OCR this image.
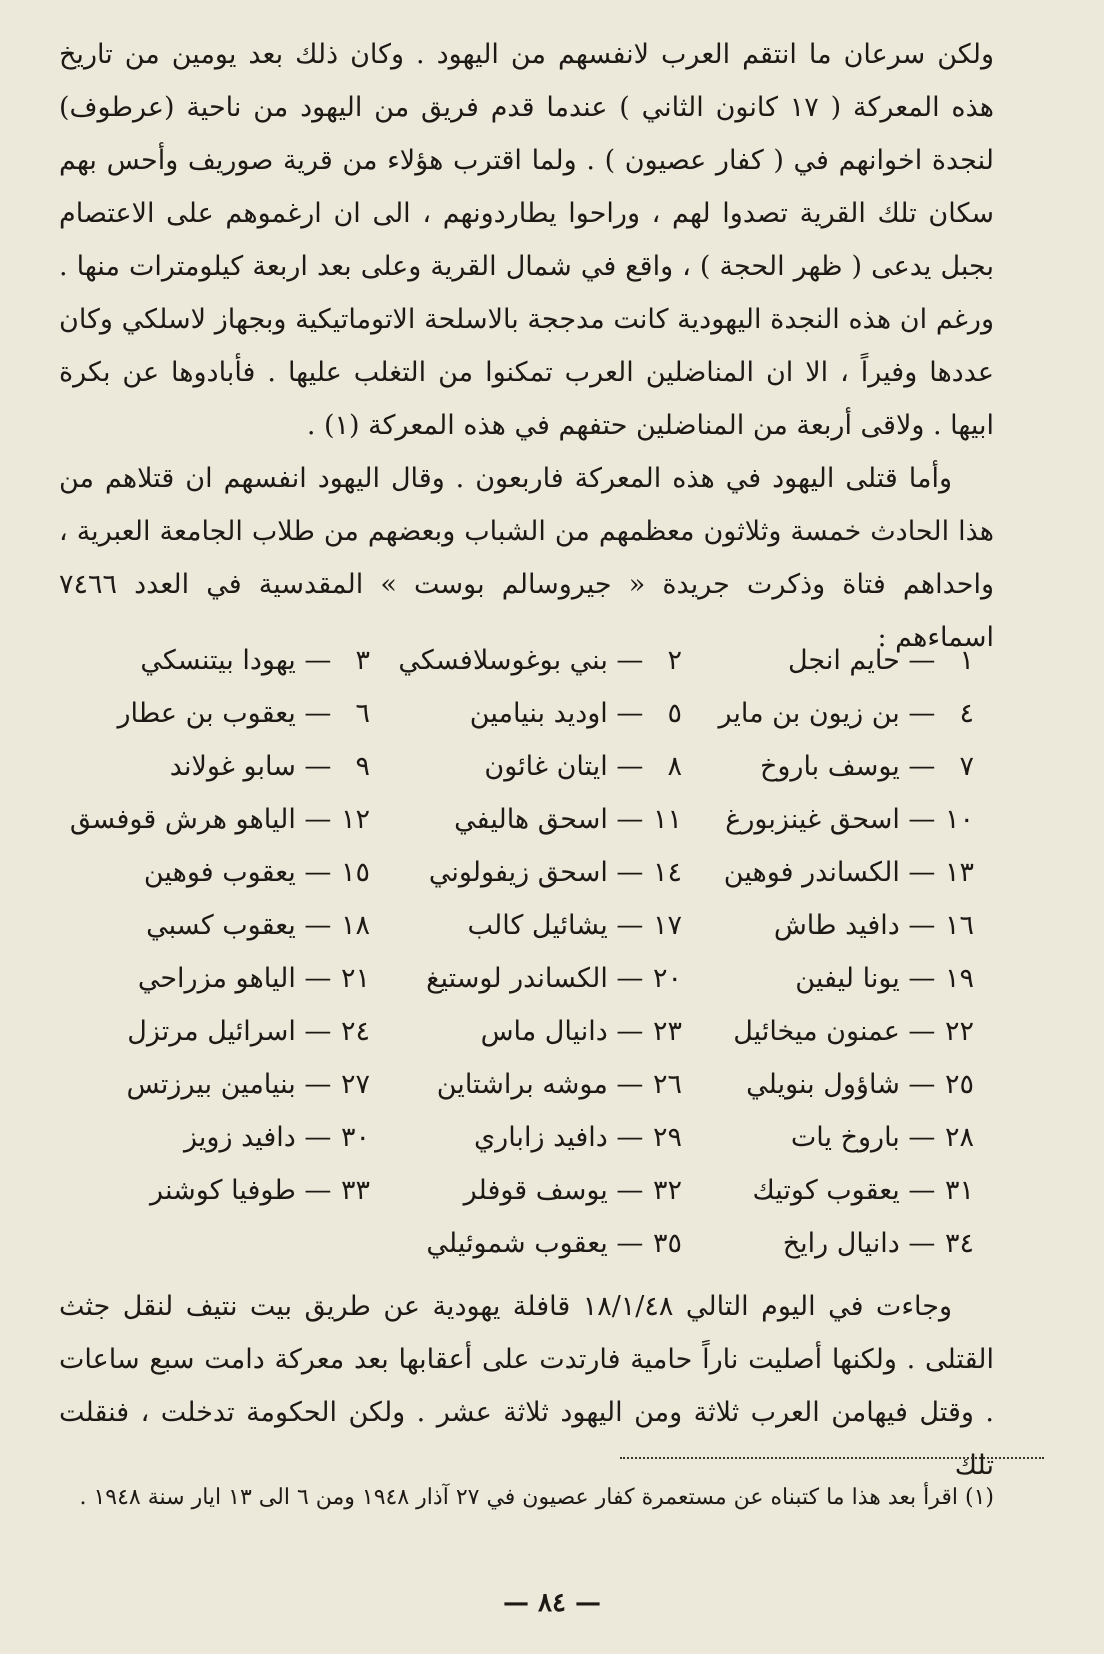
ولكن سرعان ما انتقم العرب لانفسهم من اليهود . وكان ذلك بعد يومين من تاريخ هذه المعركة ( ١٧ كانون الثاني ) عندما قدم فريق من اليهود من ناحية (عرطوف) لنجدة اخوانهم في ( كفار عصيون ) . ولما اقترب هؤلاء من قرية صوريف وأحس بهم سكان تلك القرية تصدوا لهم ، وراحوا يطاردونهم ، الى ان ارغموهم على الاعتصام بجبل يدعى ( ظهر الحجة ) ، واقع في شمال القرية وعلى بعد اربعة كيلومترات منها . ورغم ان هذه النجدة اليهودية كانت مدججة بالاسلحة الاتوماتيكية وبجهاز لاسلكي وكان عددها وفيراً ، الا ان المناضلين العرب تمكنوا من التغلب عليها . فأبادوها عن بكرة ابيها . ولاقى أربعة من المناضلين حتفهم في هذه المعركة (١) .

وأما قتلى اليهود في هذه المعركة فاربعون . وقال اليهود انفسهم ان قتلاهم من هذا الحادث خمسة وثلاثون معظمهم من الشباب وبعضهم من طلاب الجامعة العبرية ، واحداهم فتاة وذكرت جريدة « جيروسالم بوست » المقدسية في العدد ٧٤٦٦ اسماءهم :

١ — حايم انجل
٢ — بني بوغوسلافسكي
٣ — يهودا بيتنسكي
٤ — بن زيون بن ماير
٥ — اوديد بنيامين
٦ — يعقوب بن عطار
٧ — يوسف باروخ
٨ — ايتان غائون
٩ — سابو غولاند
١٠ — اسحق غينزبورغ
١١ — اسحق هاليفي
١٢ — الياهو هرش قوفسق
١٣ — الكساندر فوهين
١٤ — اسحق زيفولوني
١٥ — يعقوب فوهين
١٦ — دافيد طاش
١٧ — يشائيل كالب
١٨ — يعقوب كسبي
١٩ — يونا ليفين
٢٠ — الكساندر لوستيغ
٢١ — الياهو مزراحي
٢٢ — عمنون ميخائيل
٢٣ — دانيال ماس
٢٤ — اسرائيل مرتزل
٢٥ — شاؤول بنويلي
٢٦ — موشه براشتاين
٢٧ — بنيامين بيرزتس
٢٨ — باروخ يات
٢٩ — دافيد زاباري
٣٠ — دافيد زويز
٣١ — يعقوب كوتيك
٣٢ — يوسف قوفلر
٣٣ — طوفيا كوشنر
٣٤ — دانيال رايخ
٣٥ — يعقوب شموئيلي

وجاءت في اليوم التالي ١٨/١/٤٨ قافلة يهودية عن طريق بيت نتيف لنقل جثث القتلى . ولكنها أصليت ناراً حامية فارتدت على أعقابها بعد معركة دامت سبع ساعات . وقتل فيهامن العرب ثلاثة ومن اليهود ثلاثة عشر . ولكن الحكومة تدخلت ، فنقلت تلك

(١) اقرأ بعد هذا ما كتبناه عن مستعمرة كفار عصيون في ٢٧ آذار ١٩٤٨ ومن ٦ الى ١٣ ايار سنة ١٩٤٨ .

— ٨٤ —
